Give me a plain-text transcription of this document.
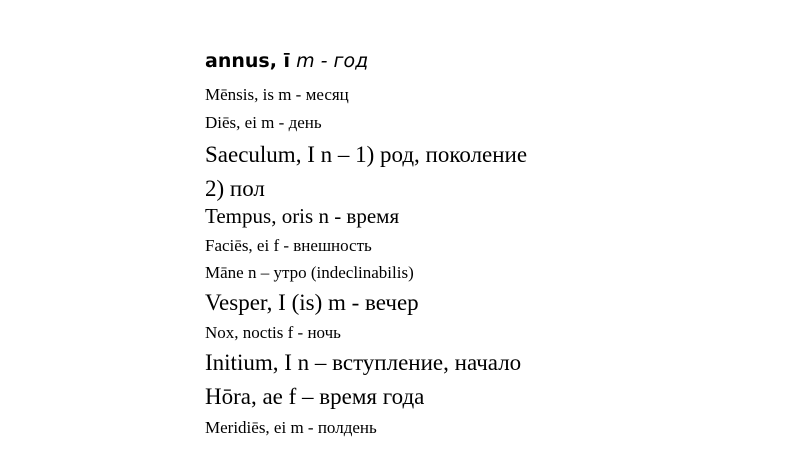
annus, ī m - год
Mēnsis, is m - месяц
Diēs, ei m - день
Saeculum, I n – 1) род, поколение
2) пол
Tempus, oris n - время
Faciēs, ei f - внешность
Māne n – утро (indeclinabilis)
Vesper, I (is) m - вечер
Nox, noctis f - ночь
Initium, I n – вступление, начало
Hōra, ae f – время года
Meridiēs, ei m - полдень
